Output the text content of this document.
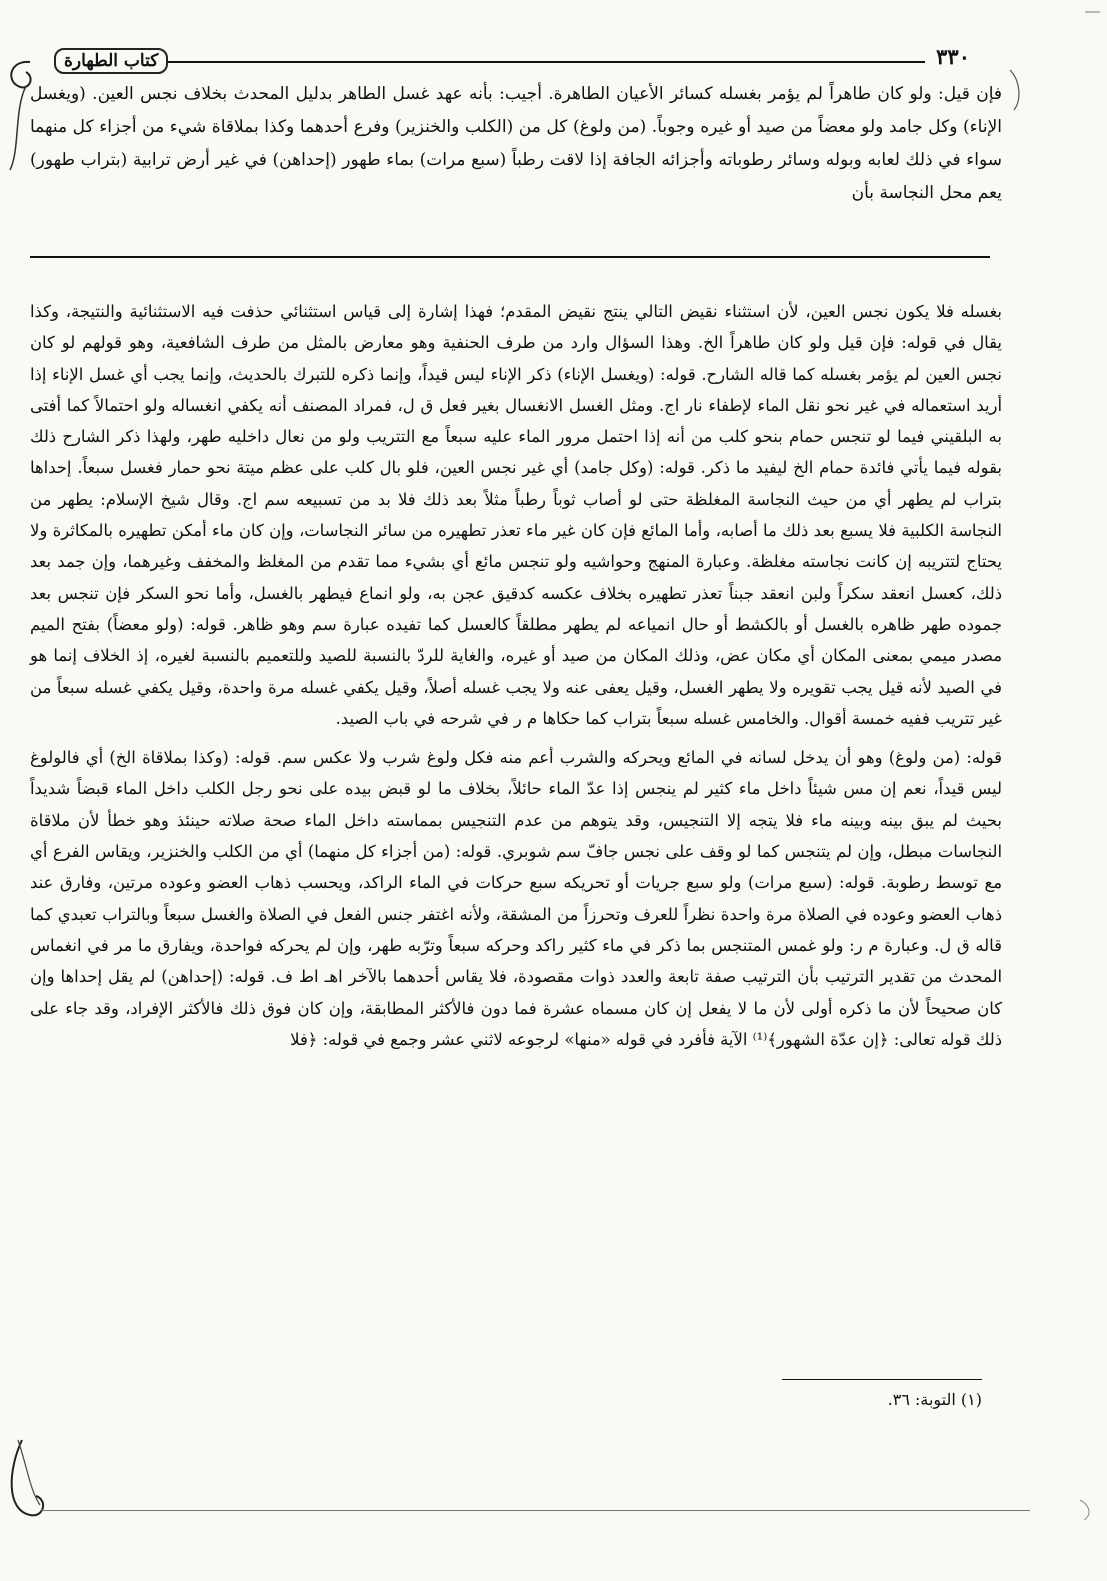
كتاب الطهارة	٣٣٠

فإن قيل: ولو كان طاهراً لم يؤمر بغسله كسائر الأعيان الطاهرة. أجيب: بأنه عهد غسل الطاهر بدليل المحدث بخلاف نجس العين. (ويغسل الإناء) وكل جامد ولو معضاً من صيد أو غيره وجوباً. (من ولوغ) كل من (الكلب والخنزير) وفرع أحدهما وكذا بملاقاة شيء من أجزاء كل منهما سواء في ذلك لعابه وبوله وسائر رطوباته وأجزائه الجافة إذا لاقت رطباً (سبع مرات) بماء طهور (إحداهن) في غير أرض ترابية (بتراب طهور) يعم محل النجاسة بأن

بغسله فلا يكون نجس العين، لأن استثناء نقيض التالي ينتج نقيض المقدم؛ فهذا إشارة إلى قياس استثنائي حذفت فيه الاستثنائية والنتيجة، وكذا يقال في قوله: فإن قيل ولو كان طاهراً الخ. وهذا السؤال وارد من طرف الحنفية وهو معارض بالمثل من طرف الشافعية، وهو قولهم لو كان نجس العين لم يؤمر بغسله كما قاله الشارح. قوله: (ويغسل الإناء) ذكر الإناء ليس قيداً، وإنما ذكره للتبرك بالحديث، وإنما يجب أي غسل الإناء إذا أريد استعماله في غير نحو نقل الماء لإطفاء نار اج. ومثل الغسل الانغسال بغير فعل ق ل، فمراد المصنف أنه يكفي انغساله ولو احتمالاً كما أفتى به البلقيني فيما لو تنجس حمام بنحو كلب من أنه إذا احتمل مرور الماء عليه سبعاً مع التتريب ولو من نعال داخليه طهر، ولهذا ذكر الشارح ذلك بقوله فيما يأتي فائدة حمام الخ ليفيد ما ذكر. قوله: (وكل جامد) أي غير نجس العين، فلو بال كلب على عظم ميتة نحو حمار فغسل سبعاً. إحداها بتراب لم يطهر أي من حيث النجاسة المغلظة حتى لو أصاب ثوباً رطباً مثلاً بعد ذلك فلا بد من تسبيعه سم اج. وقال شيخ الإسلام: يطهر من النجاسة الكلبية فلا يسبع بعد ذلك ما أصابه، وأما المائع فإن كان غير ماء تعذر تطهيره من سائر النجاسات، وإن كان ماء أمكن تطهيره بالمكاثرة ولا يحتاج لتتريبه إن كانت نجاسته مغلظة. وعبارة المنهج وحواشيه ولو تنجس مائع أي بشيء مما تقدم من المغلظ والمخفف وغيرهما، وإن جمد بعد ذلك، كعسل انعقد سكراً ولبن انعقد جبناً تعذر تطهيره بخلاف عكسه كدقيق عجن به، ولو انماع فيطهر بالغسل، وأما نحو السكر فإن تنجس بعد جموده طهر ظاهره بالغسل أو بالكشط أو حال انمياعه لم يطهر مطلقاً كالعسل كما تفيده عبارة سم وهو ظاهر. قوله: (ولو معضاً) بفتح الميم مصدر ميمي بمعنى المكان أي مكان عض، وذلك المكان من صيد أو غيره، والغاية للردّ بالنسبة للصيد وللتعميم بالنسبة لغيره، إذ الخلاف إنما هو في الصيد لأنه قيل يجب تقويره ولا يطهر الغسل، وقيل يعفى عنه ولا يجب غسله أصلاً، وقيل يكفي غسله مرة واحدة، وقيل يكفي غسله سبعاً من غير تتريب ففيه خمسة أقوال. والخامس غسله سبعاً بتراب كما حكاها م ر في شرحه في باب الصيد.

قوله: (من ولوغ) وهو أن يدخل لسانه في المائع ويحركه والشرب أعم منه فكل ولوغ شرب ولا عكس سم. قوله: (وكذا بملاقاة الخ) أي فالولوغ ليس قيداً، نعم إن مس شيئاً داخل ماء كثير لم ينجس إذا عدّ الماء حائلاً، بخلاف ما لو قبض بيده على نحو رجل الكلب داخل الماء قبضاً شديداً بحيث لم يبق بينه وبينه ماء فلا يتجه إلا التنجيس، وقد يتوهم من عدم التنجيس بمماسته داخل الماء صحة صلاته حينئذ وهو خطأ لأن ملاقاة النجاسات مبطل، وإن لم يتنجس كما لو وقف على نجس جافّ سم شوبري. قوله: (من أجزاء كل منهما) أي من الكلب والخنزير، ويقاس الفرع أي مع توسط رطوبة. قوله: (سبع مرات) ولو سبع جريات أو تحريكه سبع حركات في الماء الراكد، ويحسب ذهاب العضو وعوده مرتين، وفارق عند ذهاب العضو وعوده في الصلاة مرة واحدة نظراً للعرف وتحرزاً من المشقة، ولأنه اغتفر جنس الفعل في الصلاة والغسل سبعاً وبالتراب تعبدي كما قاله ق ل. وعبارة م ر: ولو غمس المتنجس بما ذكر في ماء كثير راكد وحركه سبعاً وترّبه طهر، وإن لم يحركه فواحدة، ويفارق ما مر في انغماس المحدث من تقدير الترتيب بأن الترتيب صفة تابعة والعدد ذوات مقصودة، فلا يقاس أحدهما بالآخر اهـ اط ف. قوله: (إحداهن) لم يقل إحداها وإن كان صحيحاً لأن ما ذكره أولى لأن ما لا يفعل إن كان مسماه عشرة فما دون فالأكثر المطابقة، وإن كان فوق ذلك فالأكثر الإفراد، وقد جاء على ذلك قوله تعالى: ﴿إن عدّة الشهور﴾⁽¹⁾ الآية فأفرد في قوله «منها» لرجوعه لاثني عشر وجمع في قوله: ﴿فلا

(١) التوبة: ٣٦.
